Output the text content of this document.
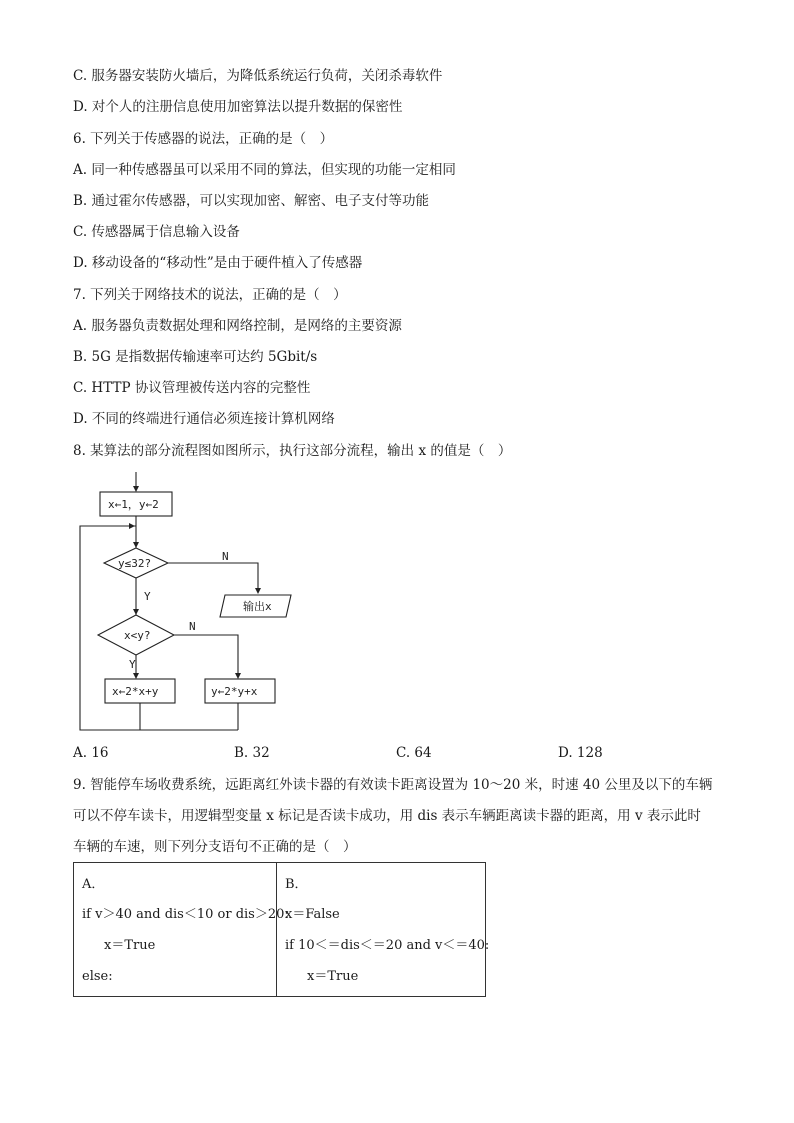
C. 服务器安装防火墙后，为降低系统运行负荷，关闭杀毒软件
D. 对个人的注册信息使用加密算法以提升数据的保密性
6. 下列关于传感器的说法，正确的是（　）
A. 同一种传感器虽可以采用不同的算法，但实现的功能一定相同
B. 通过霍尔传感器，可以实现加密、解密、电子支付等功能
C. 传感器属于信息输入设备
D. 移动设备的“移动性”是由于硬件植入了传感器
7. 下列关于网络技术的说法，正确的是（　）
A. 服务器负责数据处理和网络控制，是网络的主要资源
B. 5G 是指数据传输速率可达约 5Gbit/s
C. HTTP 协议管理被传送内容的完整性
D. 不同的终端进行通信必须连接计算机网络
8. 某算法的部分流程图如图所示，执行这部分流程，输出 x 的值是（　）
x←1，y←2
y≤32?
N
Y
输出x
x<y?
N
Y
x←2*x+y	y←2*y+x
A. 16	B. 32	C. 64	D. 128
9. 智能停车场收费系统，远距离红外读卡器的有效读卡距离设置为 10～20 米，时速 40 公里及以下的车辆
可以不停车读卡，用逻辑型变量 x 标记是否读卡成功，用 dis 表示车辆距离读卡器的距离，用 v 表示此时
车辆的车速，则下列分支语句不正确的是（　）
A．
if v＞40 and dis＜10 or dis＞20:
x＝True
else:

B．
x＝False
if 10＜＝dis＜＝20 and v＜＝40:
x＝True
